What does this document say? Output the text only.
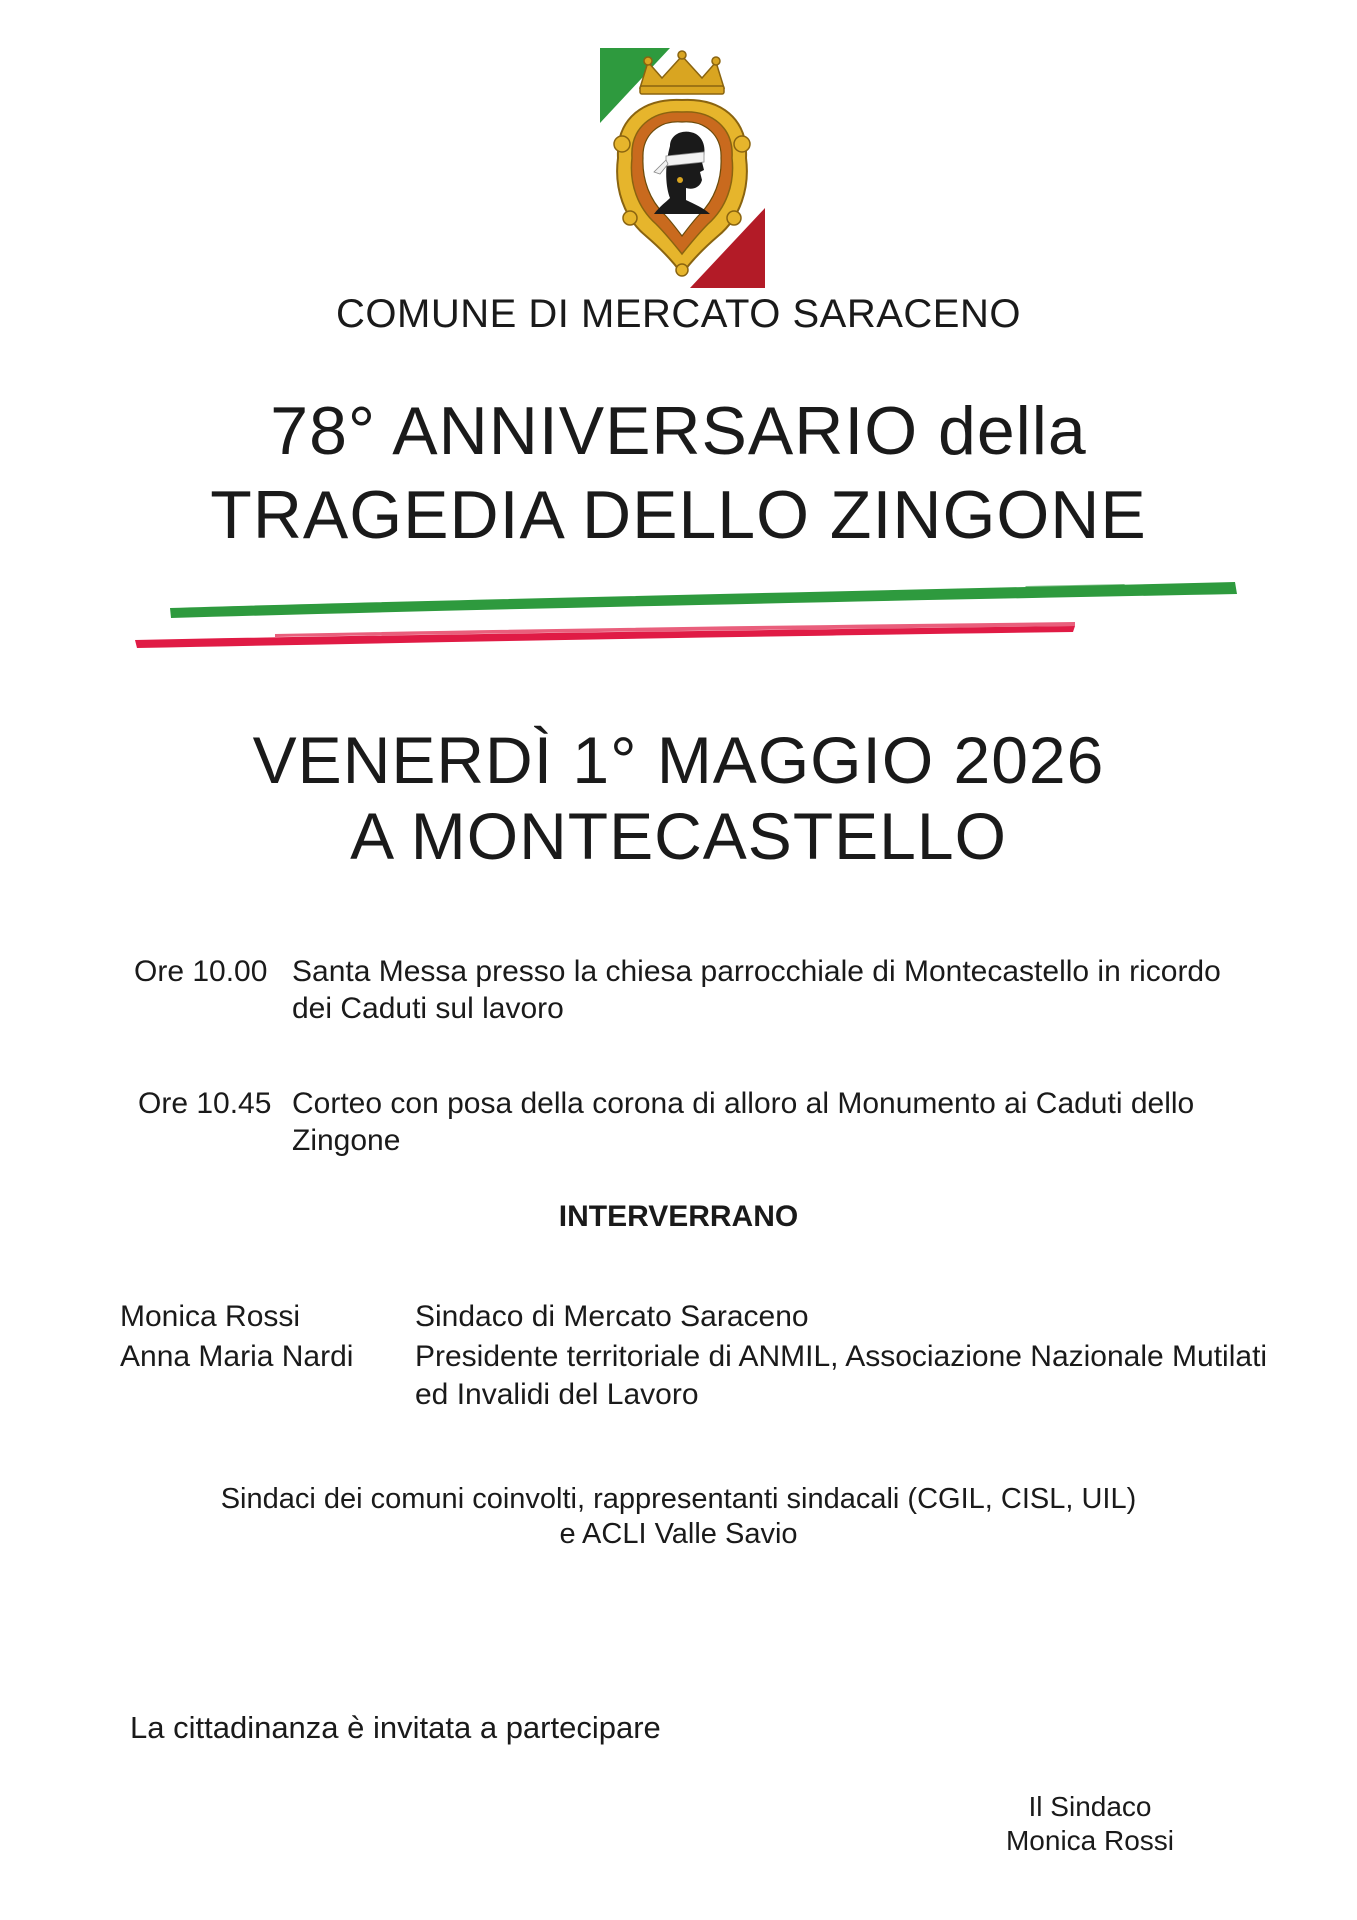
COMUNE DI MERCATO SARACENO
78° ANNIVERSARIO della
TRAGEDIA DELLO ZINGONE
VENERDÌ 1° MAGGIO 2026
A MONTECASTELLO
Ore 10.00 Santa Messa presso la chiesa parrocchiale di Montecastello in ricordo dei Caduti sul lavoro
Ore 10.45 Corteo con posa della corona di alloro al Monumento ai Caduti dello Zingone
INTERVERRANO
Monica Rossi	Sindaco di Mercato Saraceno
Anna Maria Nardi Presidente territoriale di ANMIL, Associazione Nazionale Mutilati ed Invalidi del Lavoro
Sindaci dei comuni coinvolti, rappresentanti sindacali (CGIL, CISL, UIL)
e ACLI Valle Savio
La cittadinanza è invitata a partecipare
Il Sindaco
Monica Rossi
